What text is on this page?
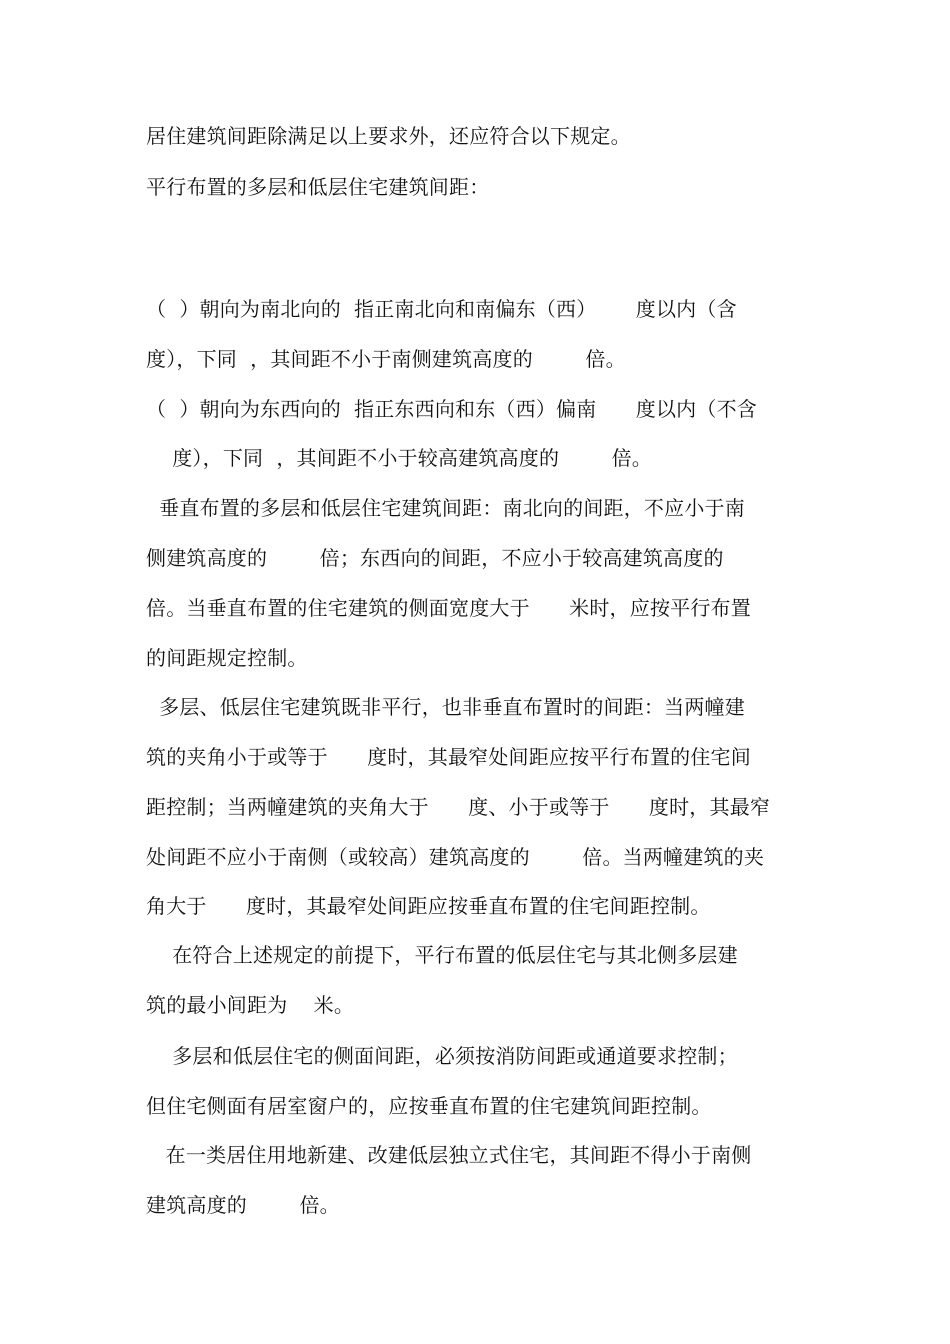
居住建筑间距除满足以上要求外，还应符合以下规定。
平行布置的多层和低层住宅建筑间距：
（  ）朝向为南北向的  指正南北向和南偏东（西）      度以内（含
度），下同  ，其间距不小于南侧建筑高度的        倍。
（  ）朝向为东西向的  指正东西向和东（西）偏南      度以内（不含
度），下同  ，其间距不小于较高建筑高度的        倍。
垂直布置的多层和低层住宅建筑间距：南北向的间距，不应小于南
侧建筑高度的        倍；东西向的间距，不应小于较高建筑高度的
倍。当垂直布置的住宅建筑的侧面宽度大于      米时，应按平行布置
的间距规定控制。
多层、低层住宅建筑既非平行，也非垂直布置时的间距：当两幢建
筑的夹角小于或等于      度时，其最窄处间距应按平行布置的住宅间
距控制；当两幢建筑的夹角大于      度、小于或等于      度时，其最窄
处间距不应小于南侧（或较高）建筑高度的        倍。当两幢建筑的夹
角大于      度时，其最窄处间距应按垂直布置的住宅间距控制。
在符合上述规定的前提下，平行布置的低层住宅与其北侧多层建
筑的最小间距为    米。
多层和低层住宅的侧面间距，必须按消防间距或通道要求控制；
但住宅侧面有居室窗户的，应按垂直布置的住宅建筑间距控制。
在一类居住用地新建、改建低层独立式住宅，其间距不得小于南侧
建筑高度的        倍。
